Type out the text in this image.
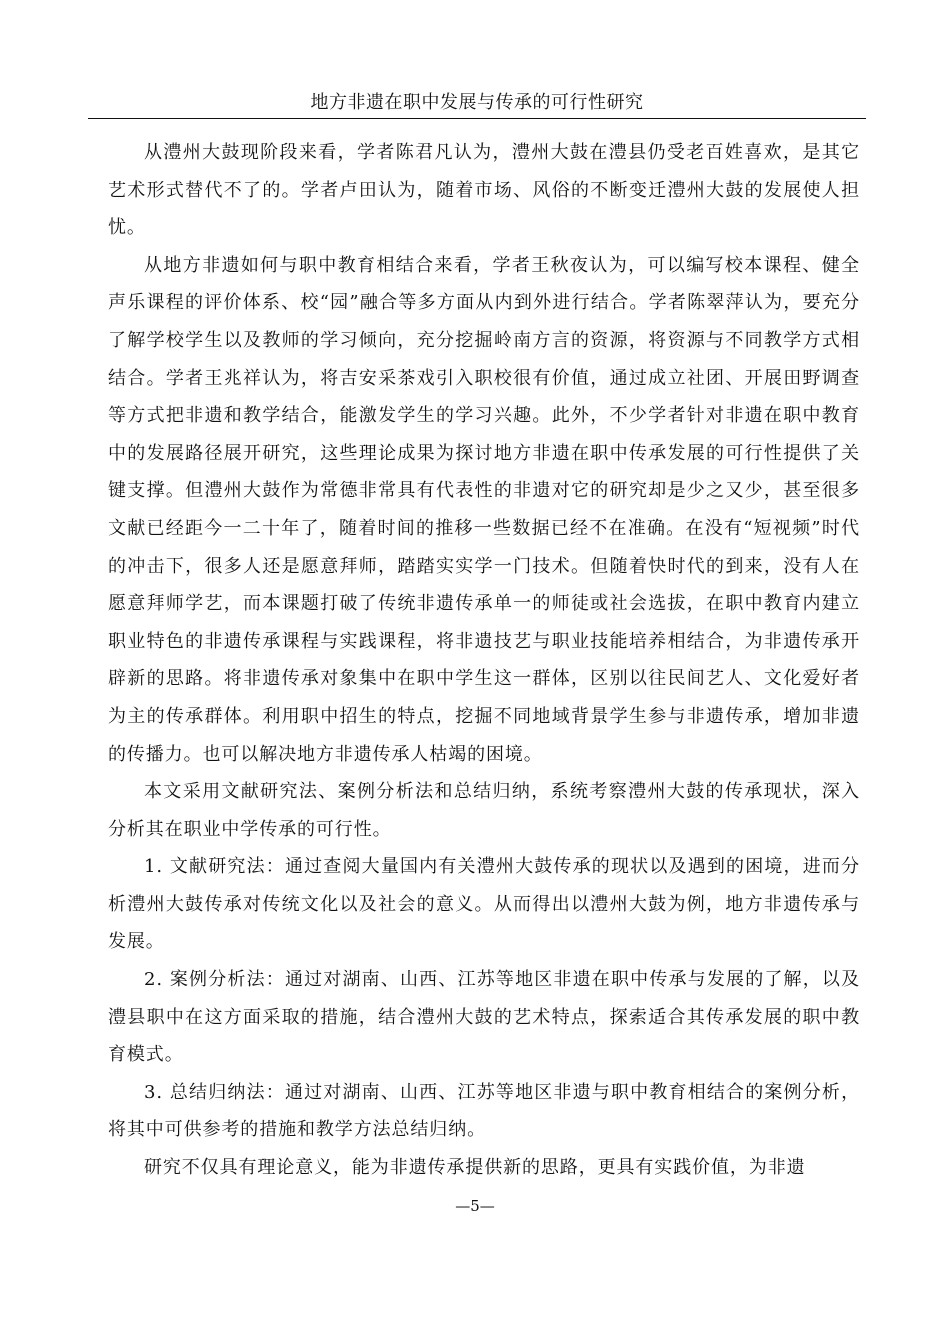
地方非遗在职中发展与传承的可行性研究

从澧州大鼓现阶段来看，学者陈君凡认为，澧州大鼓在澧县仍受老百姓喜欢，是其它艺术形式替代不了的。学者卢田认为，随着市场、风俗的不断变迁澧州大鼓的发展使人担忧。

从地方非遗如何与职中教育相结合来看，学者王秋夜认为，可以编写校本课程、健全声乐课程的评价体系、校“园”融合等多方面从内到外进行结合。学者陈翠萍认为，要充分了解学校学生以及教师的学习倾向，充分挖掘岭南方言的资源，将资源与不同教学方式相结合。学者王兆祥认为，将吉安采茶戏引入职校很有价值，通过成立社团、开展田野调查等方式把非遗和教学结合，能激发学生的学习兴趣。此外，不少学者针对非遗在职中教育中的发展路径展开研究，这些理论成果为探讨地方非遗在职中传承发展的可行性提供了关键支撑。但澧州大鼓作为常德非常具有代表性的非遗对它的研究却是少之又少，甚至很多文献已经距今一二十年了，随着时间的推移一些数据已经不在准确。在没有“短视频”时代的冲击下，很多人还是愿意拜师，踏踏实实学一门技术。但随着快时代的到来，没有人在愿意拜师学艺，而本课题打破了传统非遗传承单一的师徒或社会选拔，在职中教育内建立职业特色的非遗传承课程与实践课程，将非遗技艺与职业技能培养相结合，为非遗传承开辟新的思路。将非遗传承对象集中在职中学生这一群体，区别以往民间艺人、文化爱好者为主的传承群体。利用职中招生的特点，挖掘不同地域背景学生参与非遗传承，增加非遗的传播力。也可以解决地方非遗传承人枯竭的困境。

本文采用文献研究法、案例分析法和总结归纳，系统考察澧州大鼓的传承现状，深入分析其在职业中学传承的可行性。

1. 文献研究法：通过查阅大量国内有关澧州大鼓传承的现状以及遇到的困境，进而分析澧州大鼓传承对传统文化以及社会的意义。从而得出以澧州大鼓为例，地方非遗传承与发展。

2. 案例分析法：通过对湖南、山西、江苏等地区非遗在职中传承与发展的了解，以及澧县职中在这方面采取的措施，结合澧州大鼓的艺术特点，探索适合其传承发展的职中教育模式。

3. 总结归纳法：通过对湖南、山西、江苏等地区非遗与职中教育相结合的案例分析，将其中可供参考的措施和教学方法总结归纳。

研究不仅具有理论意义，能为非遗传承提供新的思路，更具有实践价值，为非遗

—5—
